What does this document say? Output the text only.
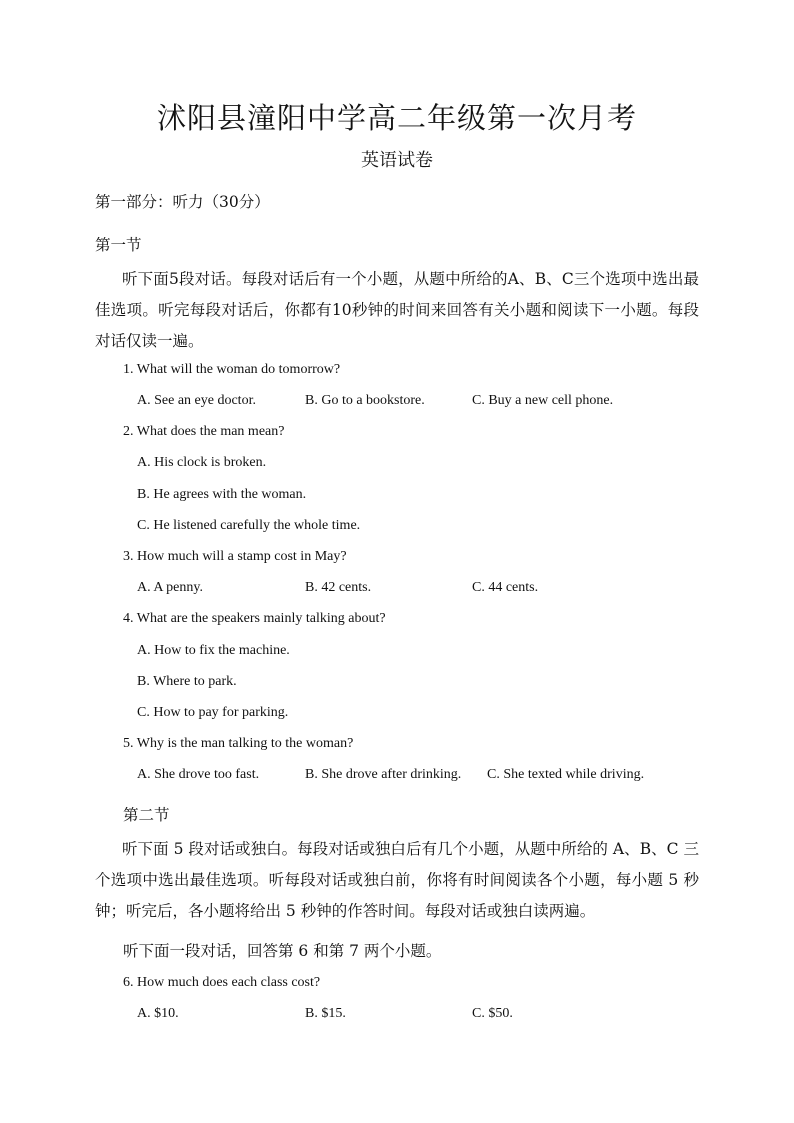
沭阳县潼阳中学高二年级第一次月考
英语试卷
第一部分：听力（30分）
第一节

听下面5段对话。每段对话后有一个小题，从题中所给的A、B、C三个选项中选出最佳选项。听完每段对话后，你都有10秒钟的时间来回答有关小题和阅读下一小题。每段对话仅读一遍。

1. What will the woman do tomorrow?
A. See an eye doctor.	B. Go to a bookstore.	C. Buy a new cell phone.
2. What does the man mean?
A. His clock is broken.
B. He agrees with the woman.
C. He listened carefully the whole time.
3. How much will a stamp cost in May?
A. A penny.	B. 42 cents.	C. 44 cents.
4. What are the speakers mainly talking about?
A. How to fix the machine.
B. Where to park.
C. How to pay for parking.
5. Why is the man talking to the woman?
A. She drove too fast.	B. She drove after drinking. C. She texted while driving.
第二节

听下面 5 段对话或独白。每段对话或独白后有几个小题，从题中所给的 A、B、C 三个选项中选出最佳选项。听每段对话或独白前，你将有时间阅读各个小题，每小题 5 秒钟；听完后，各小题将给出 5 秒钟的作答时间。每段对话或独白读两遍。

听下面一段对话，回答第 6 和第 7 两个小题。
6. How much does each class cost?
A. $10.	B. $15.	C. $50.
